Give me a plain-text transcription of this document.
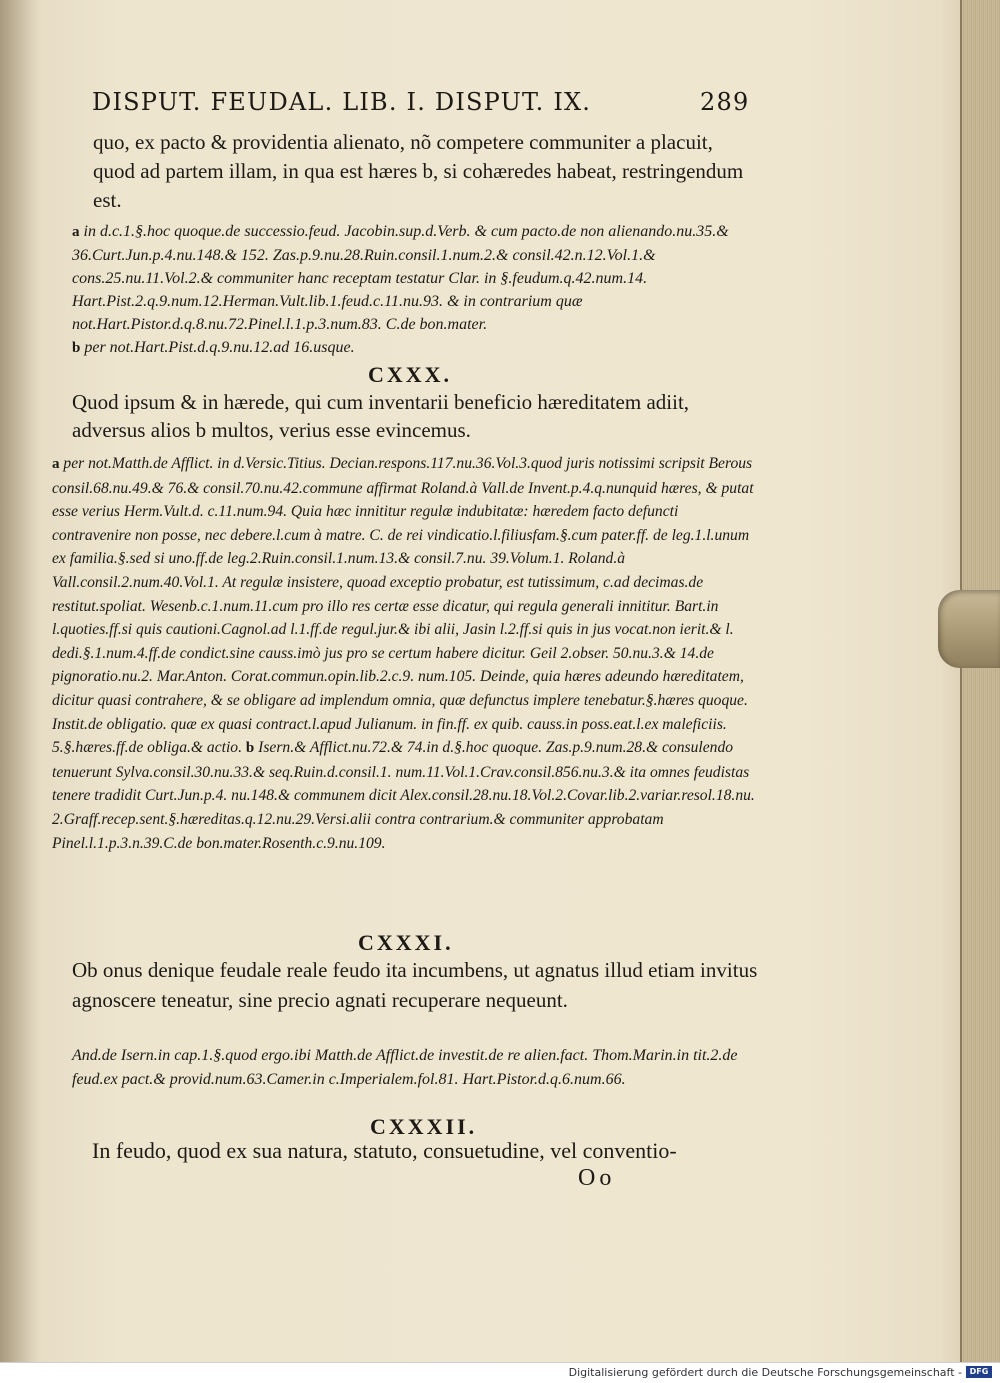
DISPUT. FEUDAL. LIB. I. DISPUT. IX.	289
quo, ex pacto & providentia alienato, nõ competere communiter a placuit, quod ad partem illam, in qua est hæres b, si cohæredes habeat, restringendum est.
a in d.c.1.§.hoc quoque.de successio.feud. Jacobin.sup.d.Verb. & cum pacto.de non alienando.nu.35.& 36.Curt.Jun.p.4.nu.148.& 152. Zas.p.9.nu.28.Ruin.consil.1.num.2.& consil.42.n.12.Vol.1.& cons.25.nu.11.Vol.2.& communiter hanc receptam testatur Clar. in §.feudum.q.42.num.14. Hart.Pist.2.q.9.num.12.Herman.Vult.lib.1.feud.c.11.nu.93. & in contrarium quæ not.Hart.Pistor.d.q.8.nu.72.Pinel.l.1.p.3.num.83. C.de bon.mater.
b per not.Hart.Pist.d.q.9.nu.12.ad 16.usque.
CXXX.
Quod ipsum & in hærede, qui cum inventarii beneficio hæreditatem adiit, adversus alios b multos, verius esse evincemus.
a per not.Matth.de Afflict. in d.Versic.Titius. Decian.respons.117.nu.36.Vol.3.quod juris notissimi scripsit Berous consil.68.nu.49.& 76.& consil.70.nu.42.commune affirmat Roland.à Vall.de Invent.p.4.q.nunquid hæres, & putat esse verius Herm.Vult.d. c.11.num.94. Quia hæc innititur regulæ indubitatæ: hæredem facto defuncti contravenire non posse, nec debere.l.cum à matre. C. de rei vindicatio.l.filiusfam.§.cum pater.ff. de leg.1.l.unum ex familia.§.sed si uno.ff.de leg.2.Ruin.consil.1.num.13.& consil.7.nu. 39.Volum.1. Roland.à Vall.consil.2.num.40.Vol.1. At regulæ insistere, quoad exceptio probatur, est tutissimum, c.ad decimas.de restitut.spoliat. Wesenb.c.1.num.11.cum pro illo res certæ esse dicatur, qui regula generali innititur. Bart.in l.quoties.ff.si quis cautioni.Cagnol.ad l.1.ff.de regul.jur.& ibi alii, Jasin l.2.ff.si quis in jus vocat.non ierit.& l. dedi.§.1.num.4.ff.de condict.sine causs.imò jus pro se certum habere dicitur. Geil 2.obser. 50.nu.3.& 14.de pignoratio.nu.2. Mar.Anton. Corat.commun.opin.lib.2.c.9. num.105. Deinde, quia hæres adeundo hæreditatem, dicitur quasi contrahere, & se obligare ad implendum omnia, quæ defunctus implere tenebatur.§.hæres quoque. Instit.de obligatio. quæ ex quasi contract.l.apud Julianum. in fin.ff. ex quib. causs.in poss.eat.l.ex maleficiis. 5.§.hæres.ff.de obliga.& actio. b Isern.& Afflict.nu.72.& 74.in d.§.hoc quoque. Zas.p.9.num.28.& consulendo tenuerunt Sylva.consil.30.nu.33.& seq.Ruin.d.consil.1. num.11.Vol.1.Crav.consil.856.nu.3.& ita omnes feudistas tenere tradidit Curt.Jun.p.4. nu.148.& communem dicit Alex.consil.28.nu.18.Vol.2.Covar.lib.2.variar.resol.18.nu. 2.Graff.recep.sent.§.hæreditas.q.12.nu.29.Versi.alii contra contrarium.& communiter approbatam Pinel.l.1.p.3.n.39.C.de bon.mater.Rosenth.c.9.nu.109.
CXXXI.
Ob onus denique feudale reale feudo ita incumbens, ut agnatus illud etiam invitus agnoscere teneatur, sine precio agnati recuperare nequeunt.
And.de Isern.in cap.1.§.quod ergo.ibi Matth.de Afflict.de investit.de re alien.fact. Thom.Marin.in tit.2.de feud.ex pact.& provid.num.63.Camer.in c.Imperialem.fol.81. Hart.Pistor.d.q.6.num.66.
CXXXII.
In feudo, quod ex sua natura, statuto, consuetudine, vel conventio-
Oo
Digitalisierung gefördert durch die Deutsche Forschungsgemeinschaft - DFG
